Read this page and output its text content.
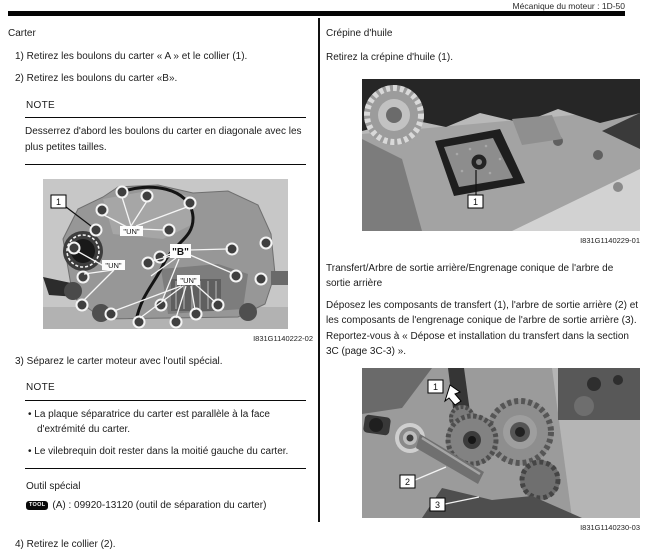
Mécanique du moteur : 1D-50
Carter
1) Retirez les boulons du carter « A » et le collier (1).
2) Retirez les boulons du carter «B».
NOTE
Desserrez d'abord les boulons du carter en diagonale avec les plus petites tailles.
1
"UN"
"UN"
"B"
"UN"
I831G1140222-02
3) Séparez le carter moteur avec l'outil spécial.
NOTE
• La plaque séparatrice du carter est parallèle à la face d'extrémité du carter.
• Le vilebrequin doit rester dans la moitié gauche du carter.
Outil spécial
TOOL (A) : 09920-13120 (outil de séparation du carter)
4) Retirez le collier (2).
Crépine d'huile
Retirez la crépine d'huile (1).
1
I831G1140229-01
Transfert/Arbre de sortie arrière/Engrenage conique de l'arbre de sortie arrière
Déposez les composants de transfert (1), l'arbre de sortie arrière (2) et les composants de l'engrenage conique de l'arbre de sortie arrière (3). Reportez-vous à « Dépose et installation du transfert dans la section 3C (page 3C-3) ».
1
2
3
I831G1140230-03
